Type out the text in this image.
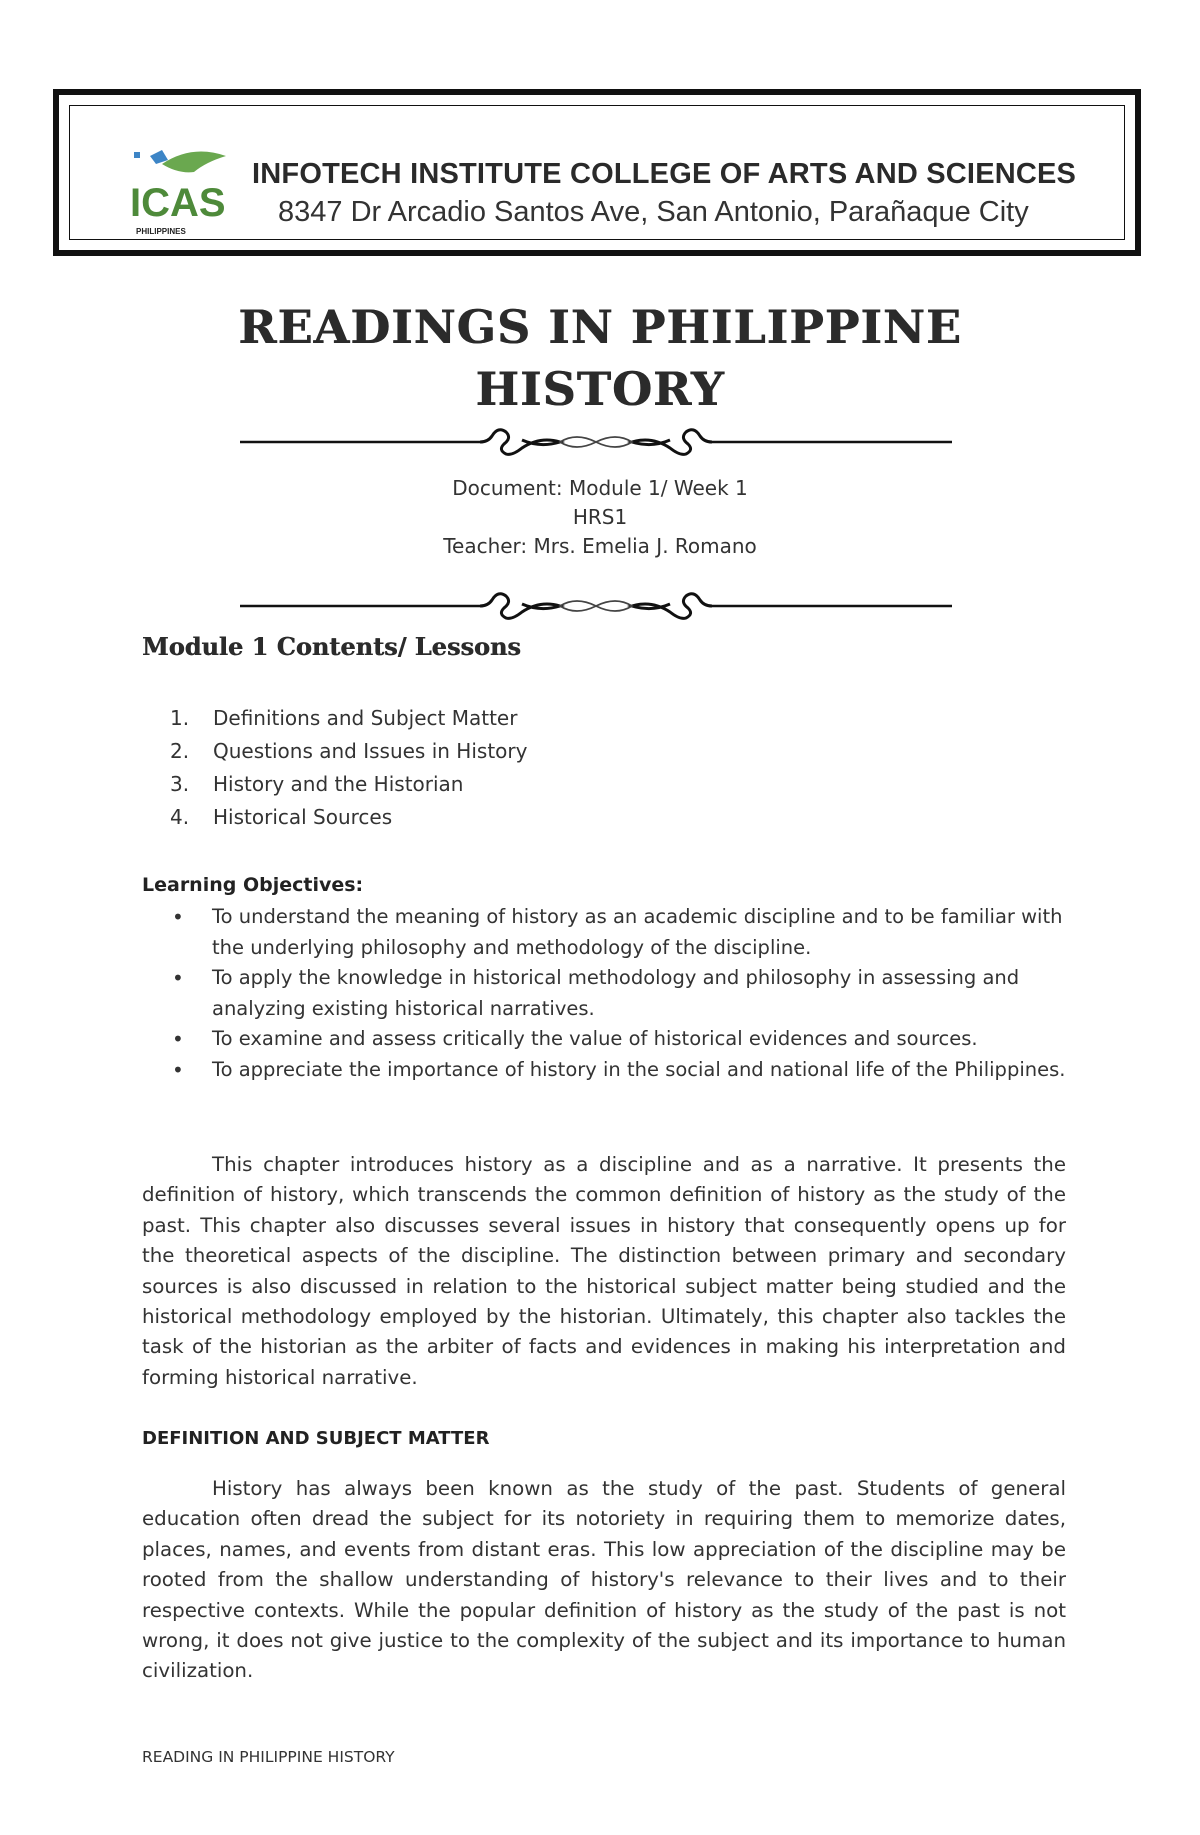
ICAS
PHILIPPINES
INFOTECH INSTITUTE COLLEGE OF ARTS AND SCIENCES
8347 Dr Arcadio Santos Ave, San Antonio, Parañaque City
READINGS IN PHILIPPINE
HISTORY
Document: Module 1/ Week 1
HRS1
Teacher: Mrs. Emelia J. Romano
Module 1 Contents/ Lessons
1.	Definitions and Subject Matter
2.	Questions and Issues in History
3.	History and the Historian
4.	Historical Sources
Learning Objectives:
• To understand the meaning of history as an academic discipline and to be familiar with the underlying philosophy and methodology of the discipline.
• To apply the knowledge in historical methodology and philosophy in assessing and analyzing existing historical narratives.
• To examine and assess critically the value of historical evidences and sources.
• To appreciate the importance of history in the social and national life of the Philippines.

This chapter introduces history as a discipline and as a narrative. It presents the definition of history, which transcends the common definition of history as the study of the past. This chapter also discusses several issues in history that consequently opens up for the theoretical aspects of the discipline. The distinction between primary and secondary sources is also discussed in relation to the historical subject matter being studied and the historical methodology employed by the historian. Ultimately, this chapter also tackles the task of the historian as the arbiter of facts and evidences in making his interpretation and forming historical narrative.

DEFINITION AND SUBJECT MATTER

History has always been known as the study of the past. Students of general education often dread the subject for its notoriety in requiring them to memorize dates, places, names, and events from distant eras. This low appreciation of the discipline may be rooted from the shallow understanding of history's relevance to their lives and to their respective contexts. While the popular definition of history as the study of the past is not wrong, it does not give justice to the complexity of the subject and its importance to human civilization.

READING IN PHILIPPINE HISTORY
